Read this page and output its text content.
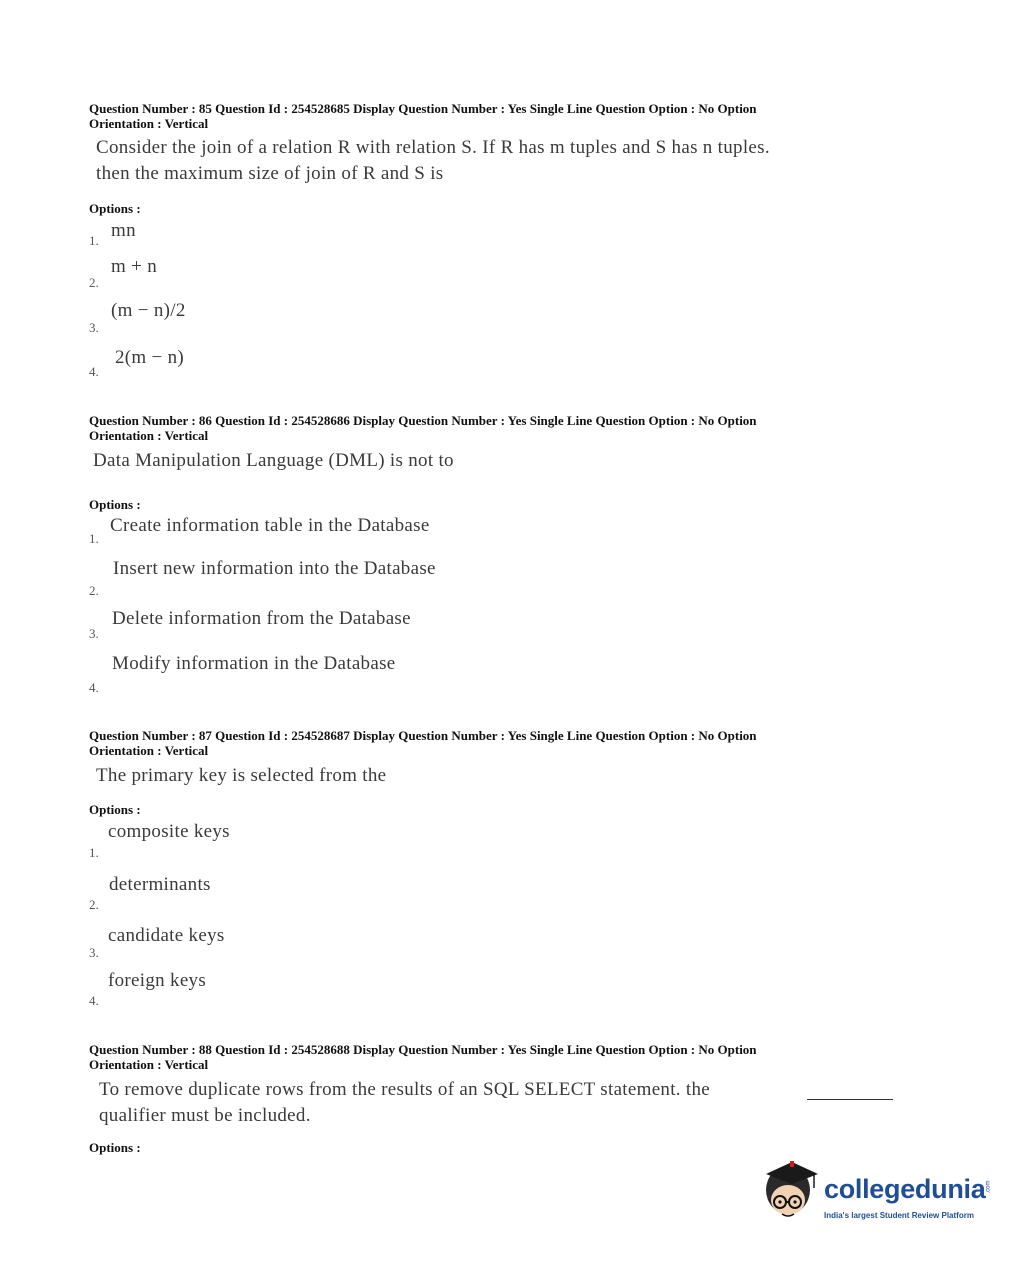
Question Number : 85 Question Id : 254528685 Display Question Number : Yes Single Line Question Option : No Option
Orientation : Vertical
Consider the join of a relation R with relation S. If R has m tuples and S has n tuples.
then the maximum size of join of R and S is
Options :
1. mn
2.
m + n
3.
(m − n)/2
4.
2(m − n)
Question Number : 86 Question Id : 254528686 Display Question Number : Yes Single Line Question Option : No Option
Orientation : Vertical
Data Manipulation Language (DML) is not to
Options :
1.
Create information table in the Database
2.
Insert new information into the Database
3.
Delete information from the Database
4.
Modify information in the Database
Question Number : 87 Question Id : 254528687 Display Question Number : Yes Single Line Question Option : No Option
Orientation : Vertical
The primary key is selected from the
Options :
1.
composite keys
2.
determinants
3.
candidate keys
4.
foreign keys
Question Number : 88 Question Id : 254528688 Display Question Number : Yes Single Line Question Option : No Option
Orientation : Vertical
To remove duplicate rows from the results of an SQL SELECT statement. the
qualifier must be included.
Options :
collegedunia .com
India's largest Student Review Platform
